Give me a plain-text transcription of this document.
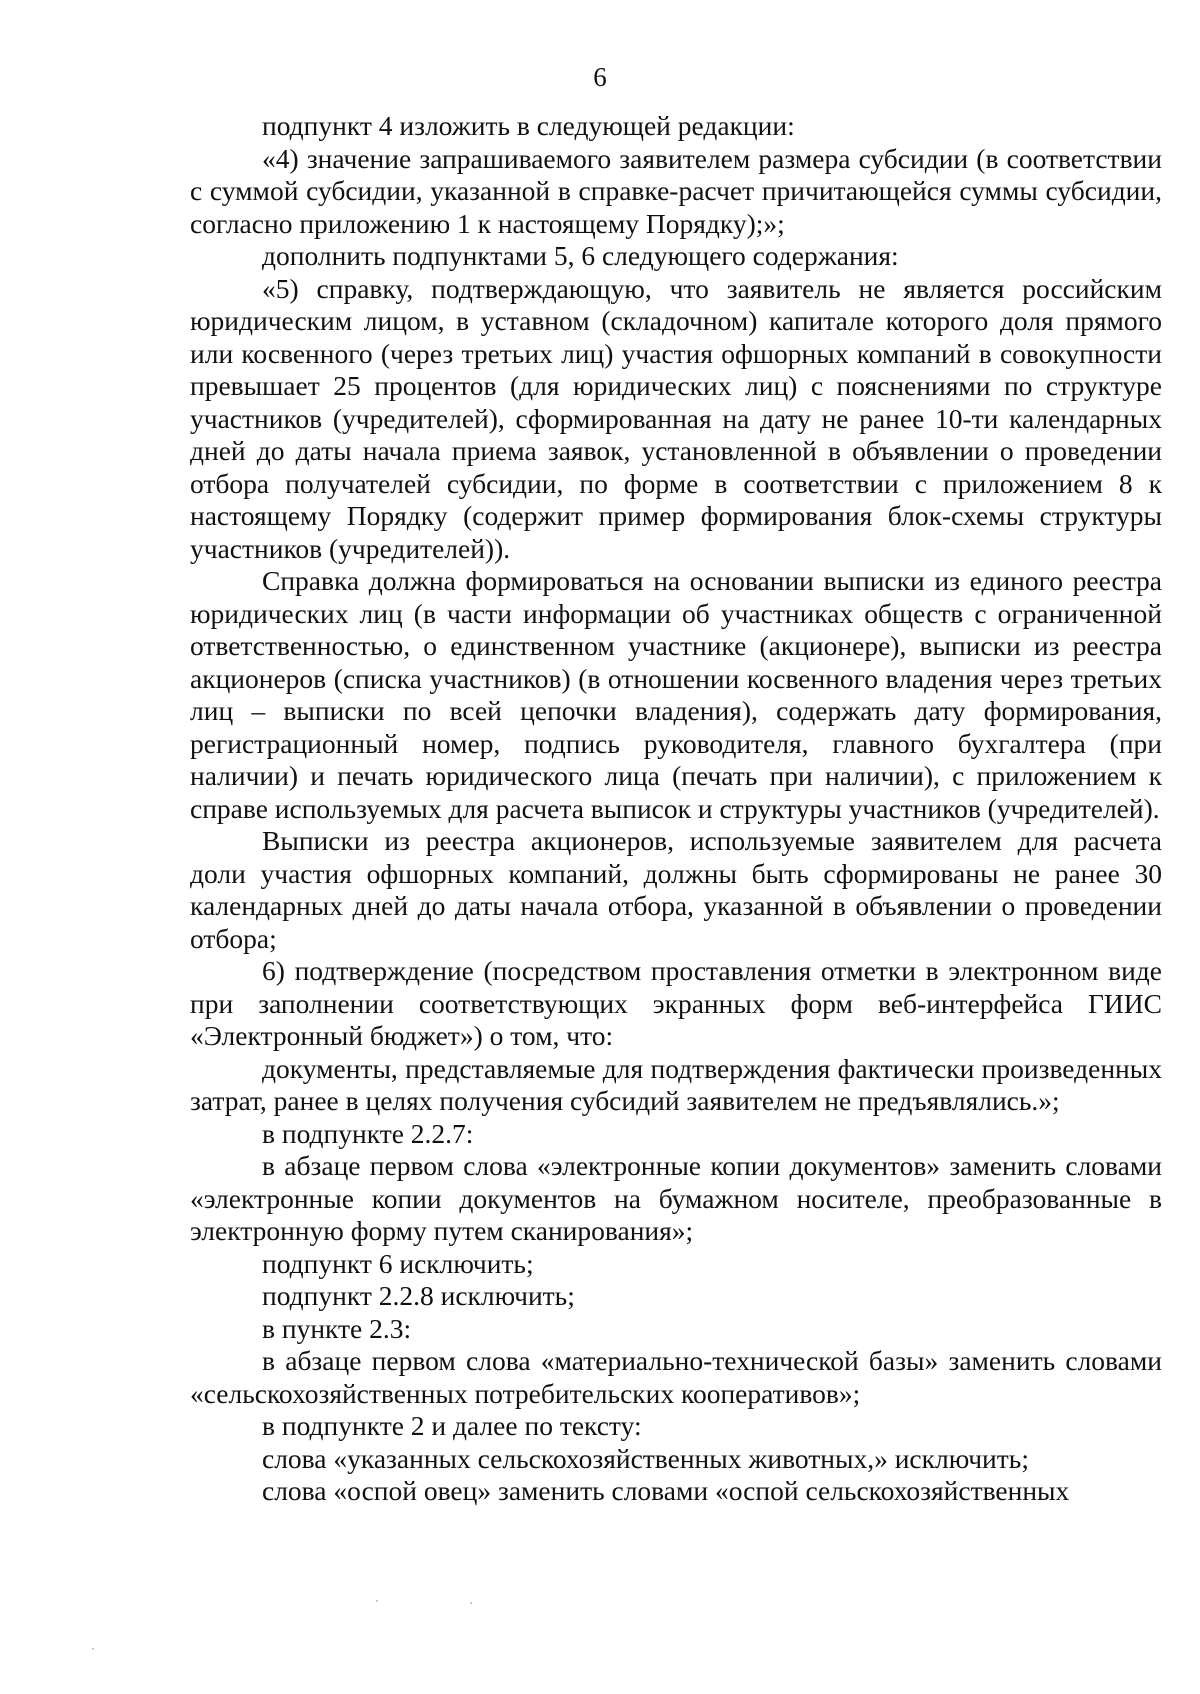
6

подпункт 4 изложить в следующей редакции:

«4) значение запрашиваемого заявителем размера субсидии (в соответствии с суммой субсидии, указанной в справке-расчет причитающейся суммы субсидии, согласно приложению 1 к настоящему Порядку);»;

дополнить подпунктами 5, 6 следующего содержания:

«5) справку, подтверждающую, что заявитель не является российским юридическим лицом, в уставном (складочном) капитале которого доля прямого или косвенного (через третьих лиц) участия офшорных компаний в совокупности превышает 25 процентов (для юридических лиц) с пояснениями по структуре участников (учредителей), сформированная на дату не ранее 10-ти календарных дней до даты начала приема заявок, установленной в объявлении о проведении отбора получателей субсидии, по форме в соответствии с приложением 8 к настоящему Порядку (содержит пример формирования блок-схемы структуры участников (учредителей)).

Справка должна формироваться на основании выписки из единого реестра юридических лиц (в части информации об участниках обществ с ограниченной ответственностью, о единственном участнике (акционере), выписки из реестра акционеров (списка участников) (в отношении косвенного владения через третьих лиц – выписки по всей цепочки владения), содержать дату формирования, регистрационный номер, подпись руководителя, главного бухгалтера (при наличии) и печать юридического лица (печать при наличии), с приложением к справе используемых для расчета выписок и структуры участников (учредителей).

Выписки из реестра акционеров, используемые заявителем для расчета доли участия офшорных компаний, должны быть сформированы не ранее 30 календарных дней до даты начала отбора, указанной в объявлении о проведении отбора;

6) подтверждение (посредством проставления отметки в электронном виде при заполнении соответствующих экранных форм веб-интерфейса ГИИС «Электронный бюджет») о том, что:

документы, представляемые для подтверждения фактически произведенных затрат, ранее в целях получения субсидий заявителем не предъявлялись.»;

в подпункте 2.2.7:

в абзаце первом слова «электронные копии документов» заменить словами «электронные копии документов на бумажном носителе, преобразованные в электронную форму путем сканирования»;

подпункт 6 исключить;

подпункт 2.2.8 исключить;

в пункте 2.3:

в абзаце первом слова «материально-технической базы» заменить словами «сельскохозяйственных потребительских кооперативов»;

в подпункте 2 и далее по тексту:

слова «указанных сельскохозяйственных животных,» исключить;

слова «оспой овец» заменить словами «оспой сельскохозяйственных
